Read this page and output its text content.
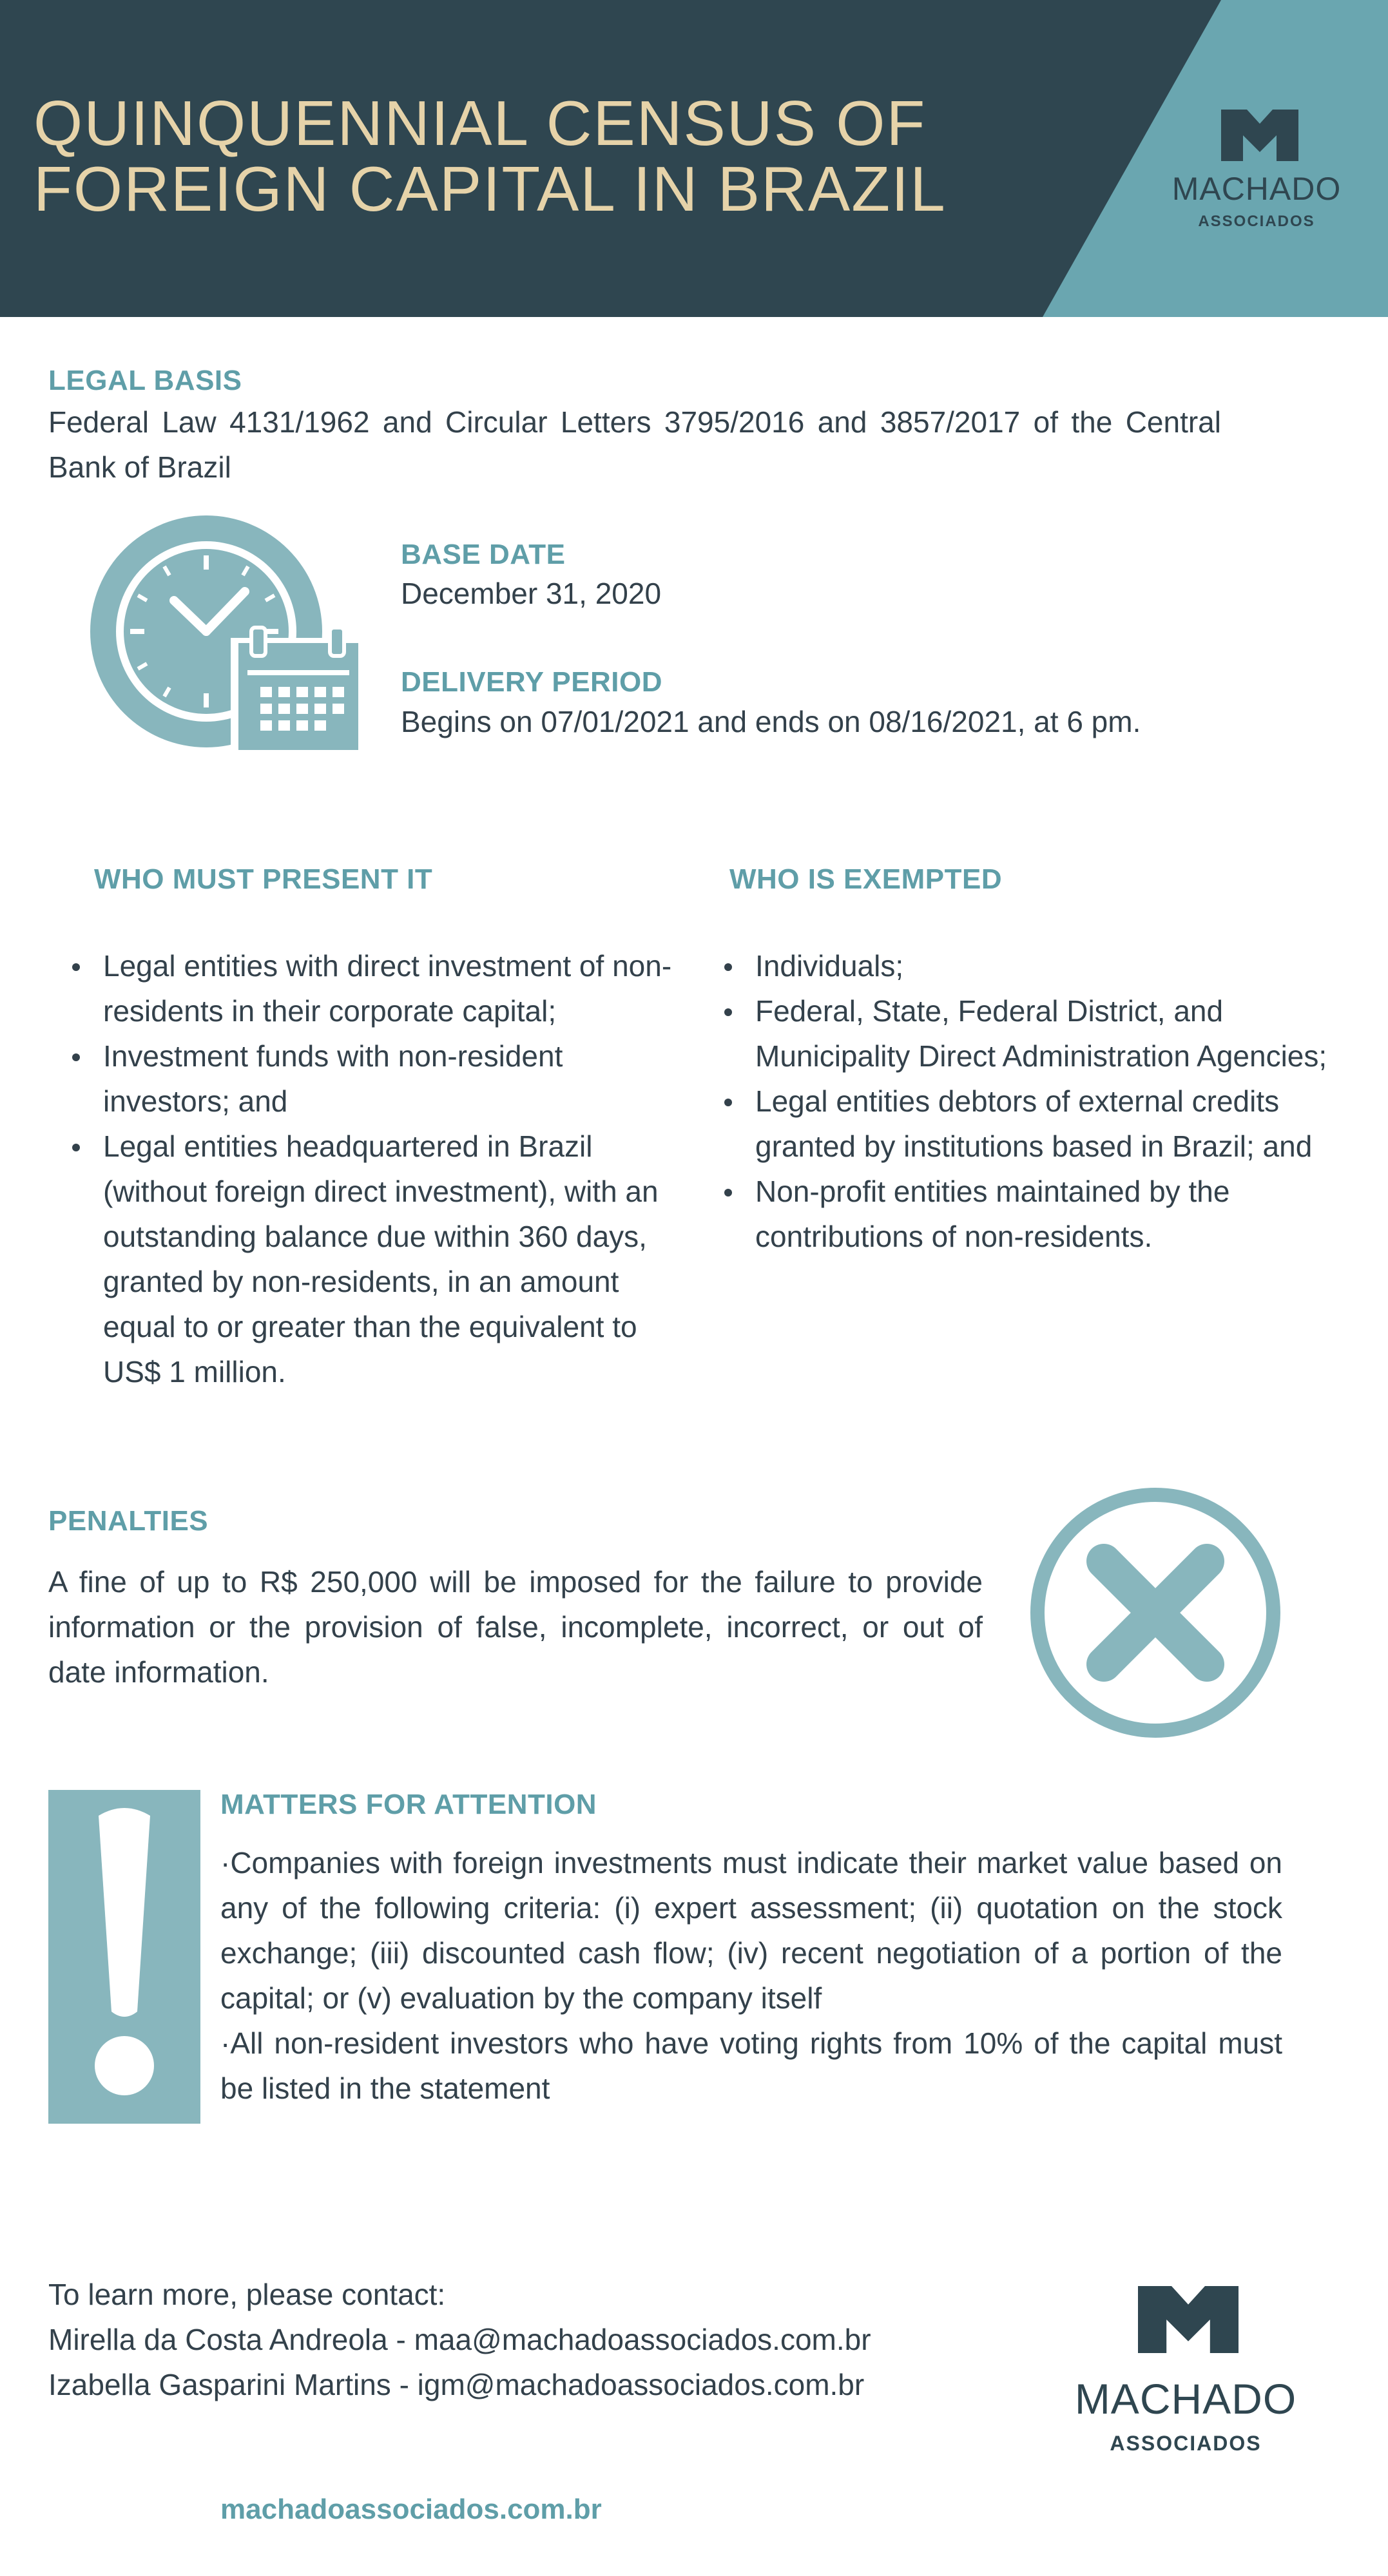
QUINQUENNIAL CENSUS OF
FOREIGN CAPITAL IN BRAZIL	MACHADO
ASSOCIADOS
LEGAL BASIS
Federal Law 4131/1962 and Circular Letters 3795/2016 and 3857/2017 of the Central Bank of Brazil
BASE DATE
December 31, 2020
DELIVERY PERIOD
Begins on 07/01/2021 and ends on 08/16/2021, at 6 pm.
WHO MUST PRESENT IT
Legal entities with direct investment of non-residents in their corporate capital;
Investment funds with non-resident investors; and
Legal entities headquartered in Brazil (without foreign direct investment), with an outstanding balance due within 360 days, granted by non-residents, in an amount equal to or greater than the equivalent to US$ 1 million.
WHO IS EXEMPTED
Individuals;
Federal, State, Federal District, and Municipality Direct Administration Agencies;
Legal entities debtors of external credits granted by institutions based in Brazil; and
Non-profit entities maintained by the contributions of non-residents.
PENALTIES
A fine of up to R$ 250,000 will be imposed for the failure to provide information or the provision of false, incomplete, incorrect, or out of date information.
MATTERS FOR ATTENTION
·Companies with foreign investments must indicate their market value based on any of the following criteria: (i) expert assessment; (ii) quotation on the stock exchange; (iii) discounted cash flow; (iv) recent negotiation of a portion of the capital; or (v) evaluation by the company itself
·All non-resident investors who have voting rights from 10% of the capital must be listed in the statement
To learn more, please contact:
Mirella da Costa Andreola - maa@machadoassociados.com.br
Izabella Gasparini Martins - igm@machadoassociados.com.br	MACHADO
ASSOCIADOS
machadoassociados.com.br
